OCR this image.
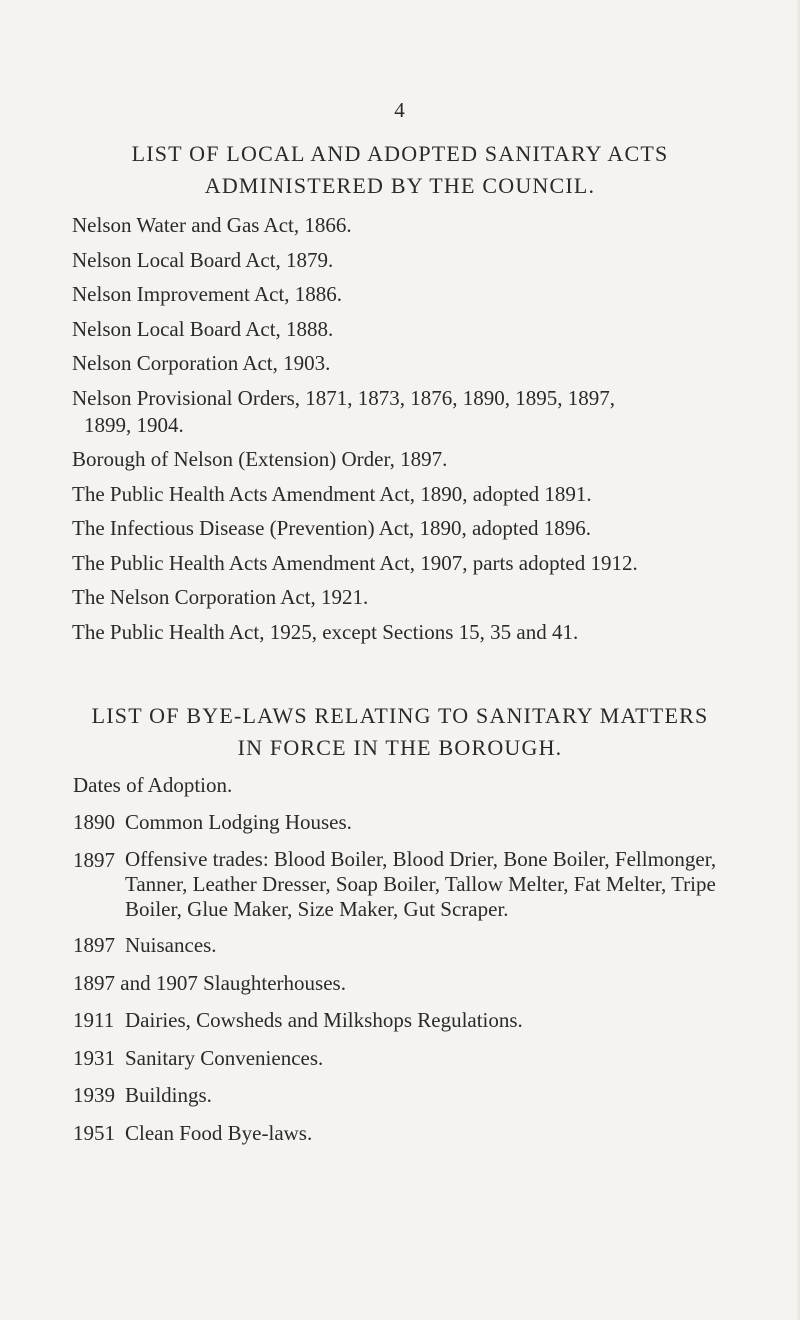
4
LIST OF LOCAL AND ADOPTED SANITARY ACTS
ADMINISTERED BY THE COUNCIL.
Nelson Water and Gas Act, 1866.
Nelson Local Board Act, 1879.
Nelson Improvement Act, 1886.
Nelson Local Board Act, 1888.
Nelson Corporation Act, 1903.
Nelson Provisional Orders, 1871, 1873, 1876, 1890, 1895, 1897,
1899, 1904.
Borough of Nelson (Extension) Order, 1897.
The Public Health Acts Amendment Act, 1890, adopted 1891.
The Infectious Disease (Prevention) Act, 1890, adopted 1896.
The Public Health Acts Amendment Act, 1907, parts adopted 1912.
The Nelson Corporation Act, 1921.
The Public Health Act, 1925, except Sections 15, 35 and 41.
LIST OF BYE-LAWS RELATING TO SANITARY MATTERS
IN FORCE IN THE BOROUGH.
Dates of Adoption.
1890 Common Lodging Houses.
1897 Offensive trades: Blood Boiler, Blood Drier, Bone Boiler, Fellmonger, Tanner, Leather Dresser, Soap Boiler, Tallow Melter, Fat Melter, Tripe Boiler, Glue Maker, Size Maker, Gut Scraper.
1897 Nuisances.
1897 and 1907 Slaughterhouses.
1911 Dairies, Cowsheds and Milkshops Regulations.
1931 Sanitary Conveniences.
1939 Buildings.
1951 Clean Food Bye-laws.
